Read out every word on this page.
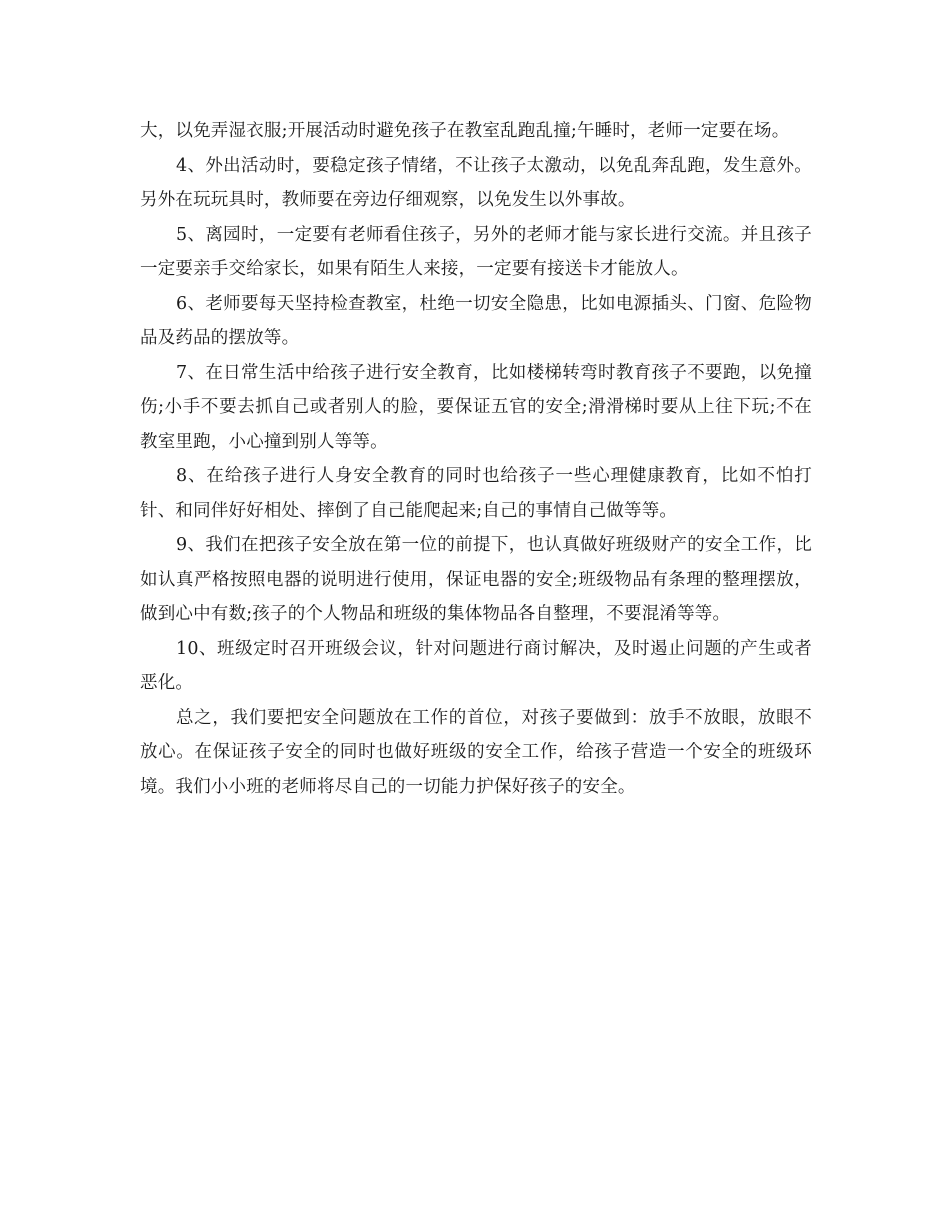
大，以免弄湿衣服;开展活动时避免孩子在教室乱跑乱撞;午睡时，老师一定要在场。

4、外出活动时，要稳定孩子情绪，不让孩子太激动，以免乱奔乱跑，发生意外。另外在玩玩具时，教师要在旁边仔细观察，以免发生以外事故。

5、离园时，一定要有老师看住孩子，另外的老师才能与家长进行交流。并且孩子一定要亲手交给家长，如果有陌生人来接，一定要有接送卡才能放人。

6、老师要每天坚持检查教室，杜绝一切安全隐患，比如电源插头、门窗、危险物品及药品的摆放等。

7、在日常生活中给孩子进行安全教育，比如楼梯转弯时教育孩子不要跑，以免撞伤;小手不要去抓自己或者别人的脸，要保证五官的安全;滑滑梯时要从上往下玩;不在教室里跑，小心撞到别人等等。

8、在给孩子进行人身安全教育的同时也给孩子一些心理健康教育，比如不怕打针、和同伴好好相处、摔倒了自己能爬起来;自己的事情自己做等等。

9、我们在把孩子安全放在第一位的前提下，也认真做好班级财产的安全工作，比如认真严格按照电器的说明进行使用，保证电器的安全;班级物品有条理的整理摆放，做到心中有数;孩子的个人物品和班级的集体物品各自整理，不要混淆等等。

10、班级定时召开班级会议，针对问题进行商讨解决，及时遏止问题的产生或者恶化。

总之，我们要把安全问题放在工作的首位，对孩子要做到：放手不放眼，放眼不放心。在保证孩子安全的同时也做好班级的安全工作，给孩子营造一个安全的班级环境。我们小小班的老师将尽自己的一切能力护保好孩子的安全。
